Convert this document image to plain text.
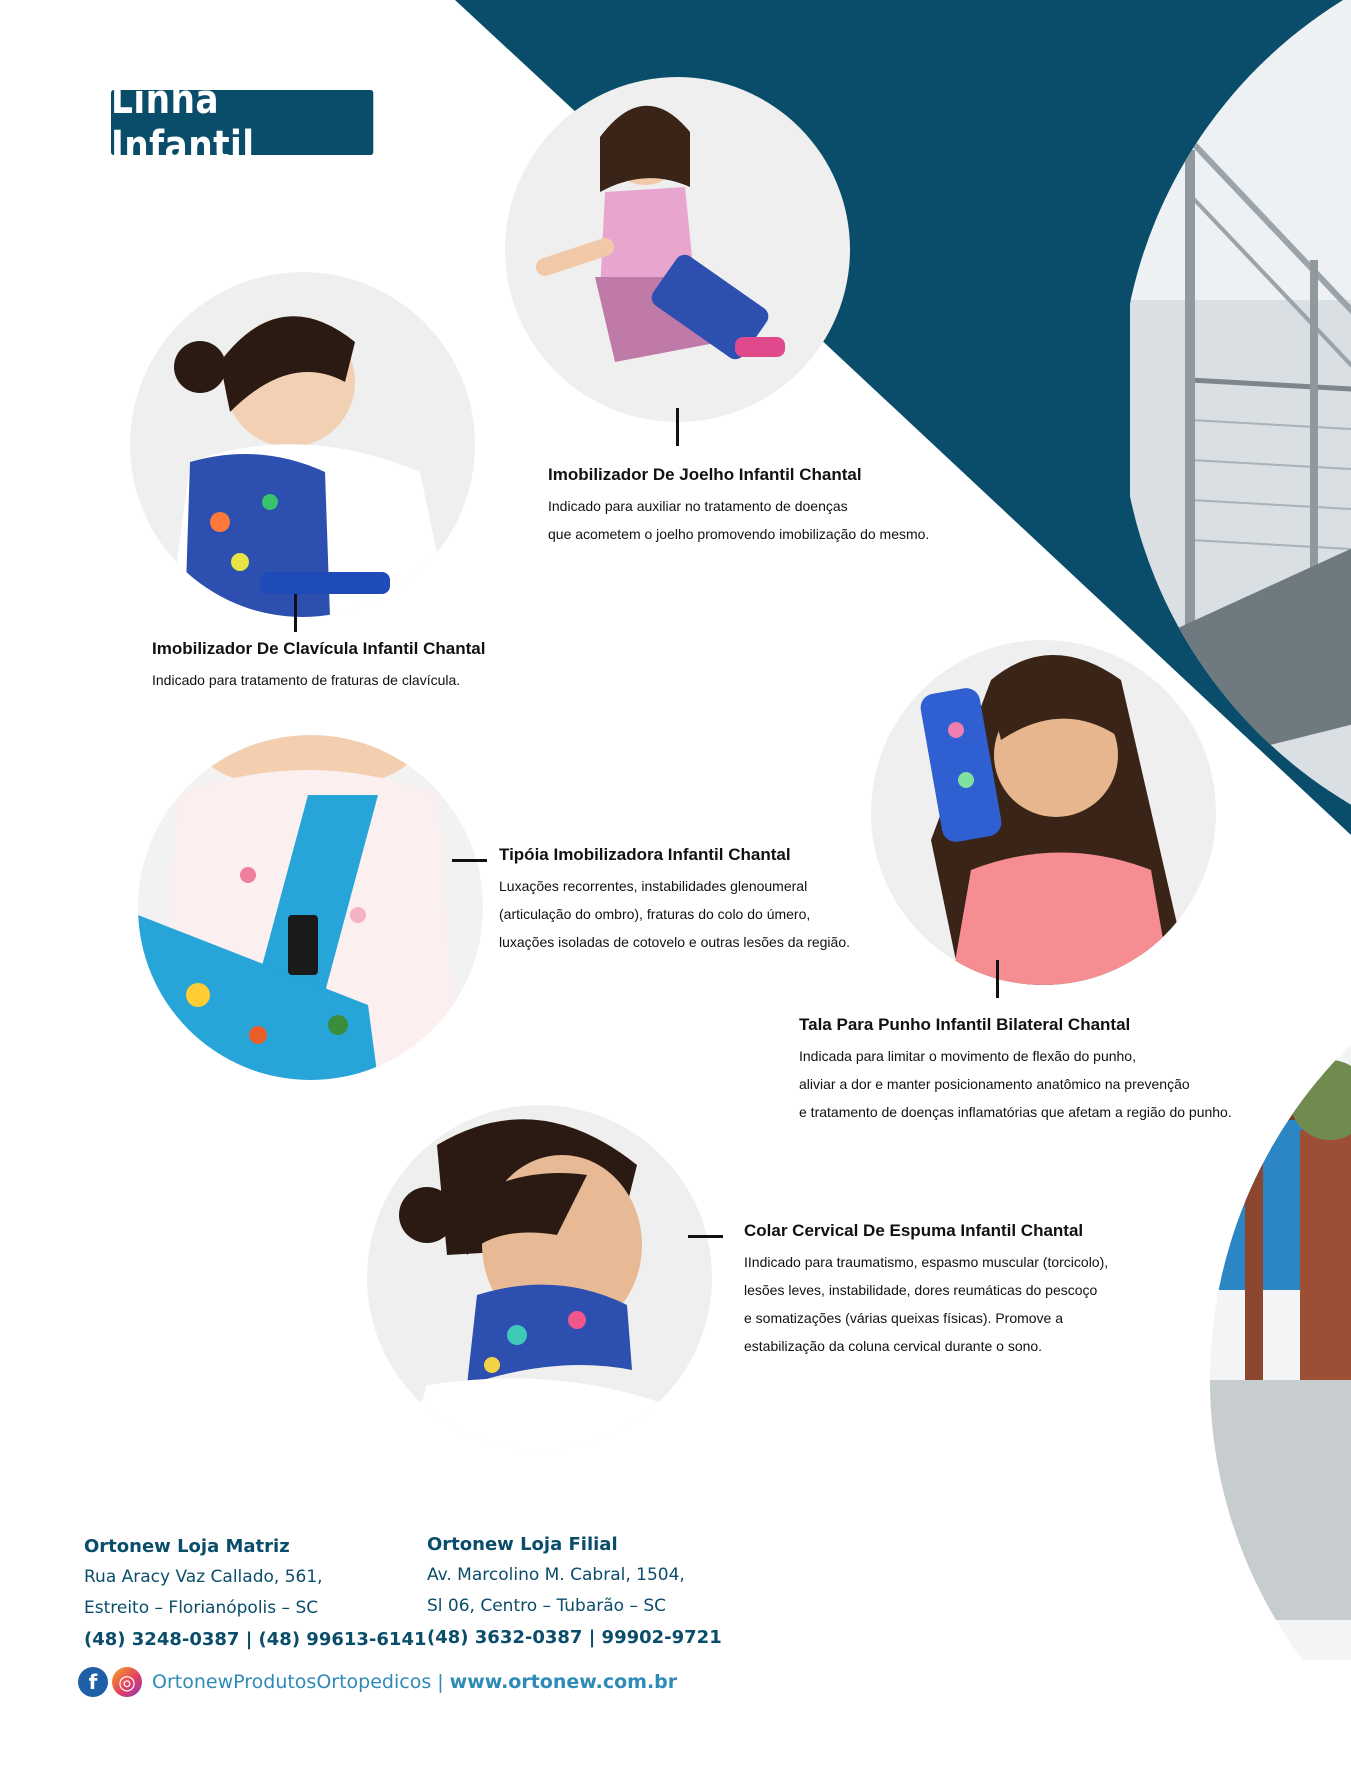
Linha Infantil
Imobilizador De Joelho Infantil Chantal
Indicado para auxiliar no tratamento de doenças
que acometem o joelho promovendo imobilização do mesmo.
Imobilizador De Clavícula Infantil Chantal
Indicado para tratamento de fraturas de clavícula.
Tipóia Imobilizadora Infantil Chantal
Luxações recorrentes, instabilidades glenoumeral
(articulação do ombro), fraturas do colo do úmero,
luxações isoladas de cotovelo e outras lesões da região.
Tala Para Punho Infantil Bilateral Chantal
Indicada para limitar o movimento de flexão do punho,
aliviar a dor e manter posicionamento anatômico na prevenção
e tratamento de doenças inflamatórias que afetam a região do punho.
Colar Cervical De Espuma Infantil Chantal
IIndicado para traumatismo, espasmo muscular (torcicolo),
lesões leves, instabilidade, dores reumáticas do pescoço
e somatizações (várias queixas físicas). Promove a
estabilização da coluna cervical durante o sono.
Ortonew Loja Matriz
Rua Aracy Vaz Callado, 561,
Estreito – Florianópolis – SC
(48) 3248-0387 | (48) 99613-6141
Ortonew Loja Filial
Av. Marcolino M. Cabral, 1504,
Sl 06, Centro – Tubarão – SC
(48) 3632-0387 | 99902-9721
f	◎ OrtonewProdutosOrtopedicos | www.ortonew.com.br
